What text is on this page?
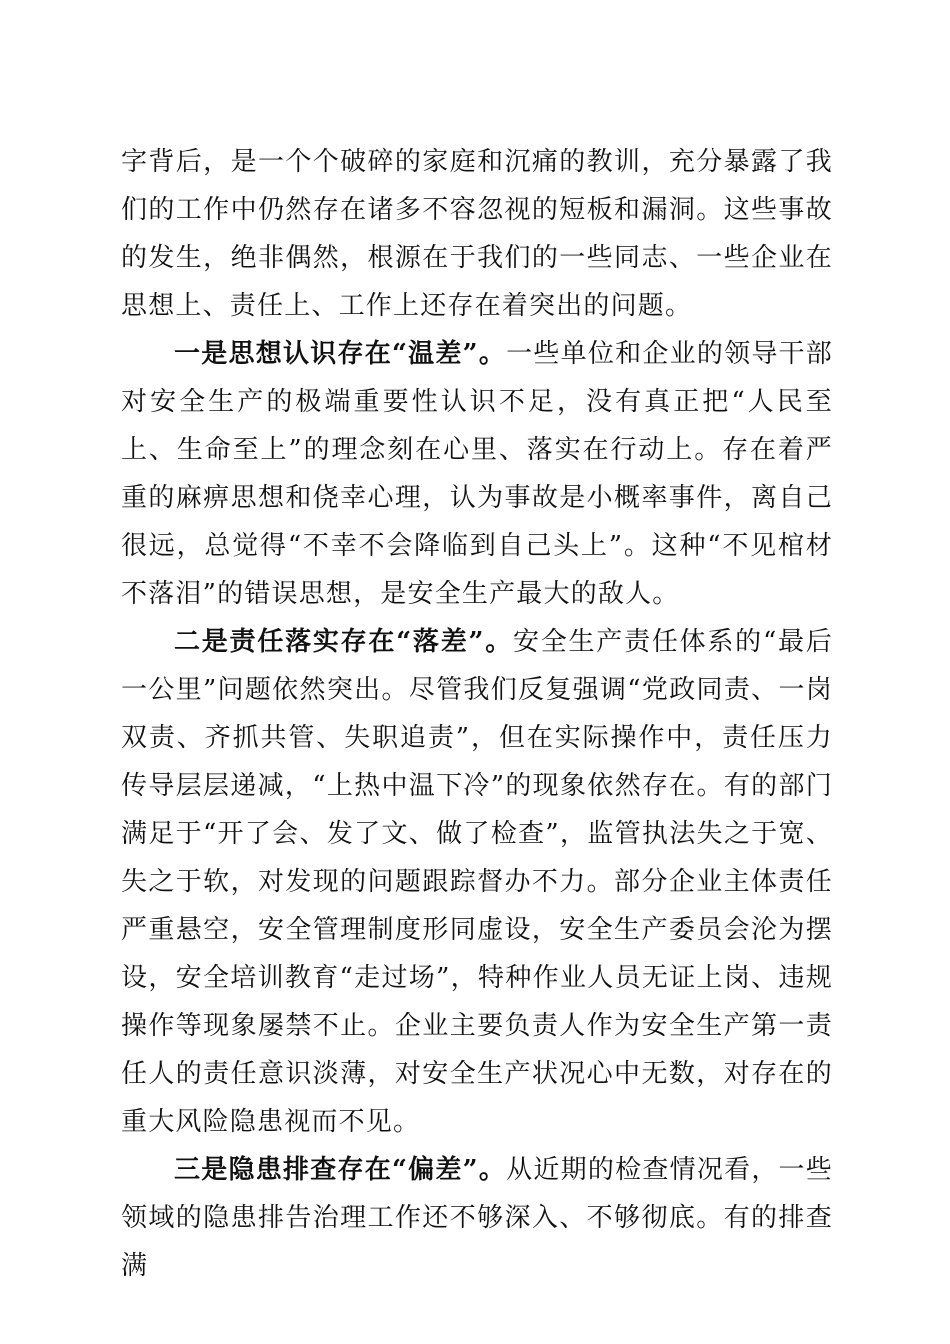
字背后，是一个个破碎的家庭和沉痛的教训，充分暴露了我们的工作中仍然存在诸多不容忽视的短板和漏洞。这些事故的发生，绝非偶然，根源在于我们的一些同志、一些企业在思想上、责任上、工作上还存在着突出的问题。

一是思想认识存在“温差”。一些单位和企业的领导干部对安全生产的极端重要性认识不足，没有真正把“人民至上、生命至上”的理念刻在心里、落实在行动上。存在着严重的麻痹思想和侥幸心理，认为事故是小概率事件，离自己很远，总觉得“不幸不会降临到自己头上”。这种“不见棺材不落泪”的错误思想，是安全生产最大的敌人。

二是责任落实存在“落差”。安全生产责任体系的“最后一公里”问题依然突出。尽管我们反复强调“党政同责、一岗双责、齐抓共管、失职追责”，但在实际操作中，责任压力传导层层递减，“上热中温下冷”的现象依然存在。有的部门满足于“开了会、发了文、做了检查”，监管执法失之于宽、失之于软，对发现的问题跟踪督办不力。部分企业主体责任严重悬空，安全管理制度形同虚设，安全生产委员会沦为摆设，安全培训教育“走过场”，特种作业人员无证上岗、违规操作等现象屡禁不止。企业主要负责人作为安全生产第一责任人的责任意识淡薄，对安全生产状况心中无数，对存在的重大风险隐患视而不见。

三是隐患排查存在“偏差”。从近期的检查情况看，一些领域的隐患排告治理工作还不够深入、不够彻底。有的排查满
